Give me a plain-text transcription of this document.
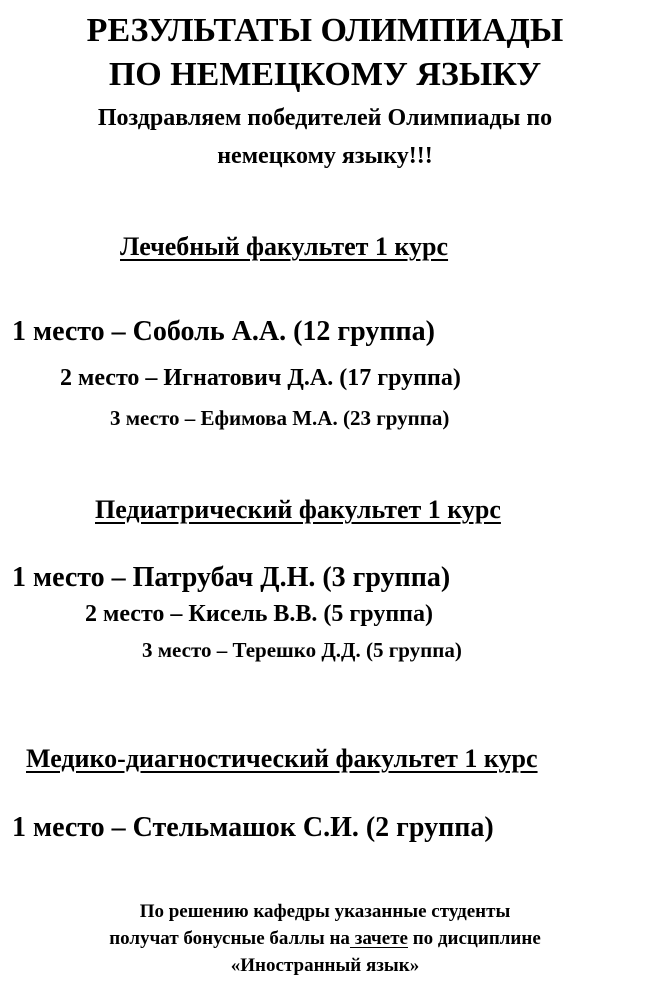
РЕЗУЛЬТАТЫ ОЛИМПИАДЫ
ПО НЕМЕЦКОМУ ЯЗЫКУ
Поздравляем победителей Олимпиады по
немецкому языку!!!
Лечебный факультет 1 курс
1 место – Соболь А.А. (12 группа)
2 место – Игнатович Д.А. (17 группа)
3 место – Ефимова М.А. (23 группа)
Педиатрический факультет 1 курс
1 место – Патрубач Д.Н. (3 группа)
2 место – Кисель В.В. (5 группа)
3 место – Терешко Д.Д. (5 группа)
Медико-диагностический факультет 1 курс
1 место – Стельмашок С.И. (2 группа)
По решению кафедры указанные студенты
получат бонусные баллы на зачете по дисциплине
«Иностранный язык»
